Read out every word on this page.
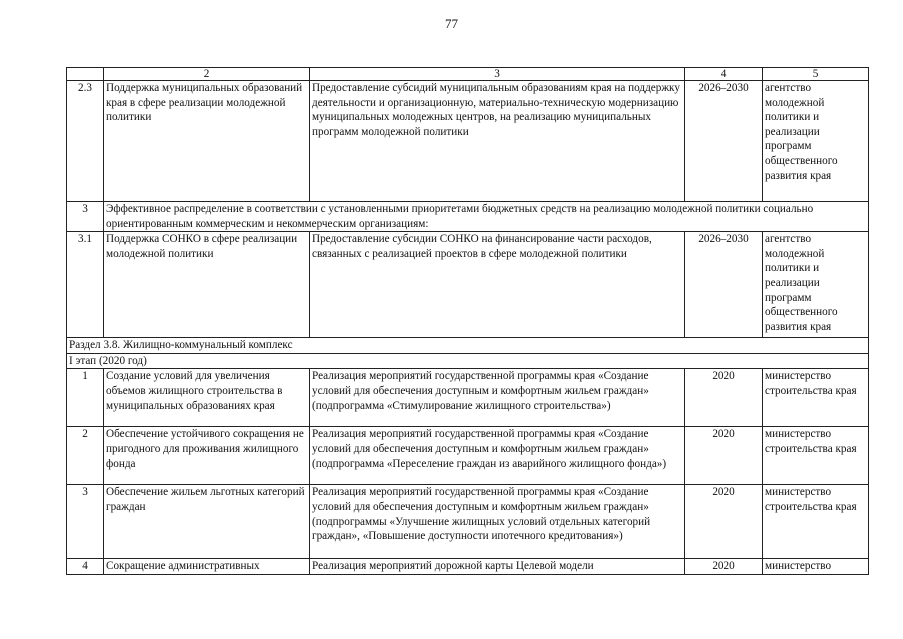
77
	2	3	4	5
2.3	Поддержка муниципальных образований края в сфере реализации молодежной политики	Предоставление субсидий муниципальным образованиям края на поддержку деятельности и организационную, материально-техническую модернизацию муниципальных молодежных центров, на реализацию муниципальных программ молодежной политики	2026–2030	агентство молодежной политики и реализации программ общественного развития края
3	Эффективное распределение в соответствии с установленными приоритетами бюджетных средств на реализацию молодежной политики социально ориентированным коммерческим и некоммерческим организациям:			
3.1	Поддержка СОНКО в сфере реализации молодежной политики	Предоставление субсидии СОНКО на финансирование части расходов, связанных с реализацией проектов в сфере молодежной политики	2026–2030	агентство молодежной политики и реализации программ общественного развития края
Раздел 3.8. Жилищно-коммунальный комплекс				
I этап (2020 год)				
1	Создание условий для увеличения объемов жилищного строительства в муниципальных образованиях края	Реализация мероприятий государственной программы края «Создание условий для обеспечения доступным и комфортным жильем граждан» (подпрограмма «Стимулирование жилищного строительства»)	2020	министерство строительства края
2	Обеспечение устойчивого сокращения не пригодного для проживания жилищного фонда	Реализация мероприятий государственной программы края «Создание условий для обеспечения доступным и комфортным жильем граждан» (подпрограмма «Переселение граждан из аварийного жилищного фонда»)	2020	министерство строительства края
3	Обеспечение жильем льготных категорий граждан	Реализация мероприятий государственной программы края «Создание условий для обеспечения доступным и комфортным жильем граждан» (подпрограммы «Улучшение жилищных условий отдельных категорий граждан», «Повышение доступности ипотечного кредитования»)	2020	министерство строительства края
4	Сокращение административных	Реализация мероприятий дорожной карты Целевой модели	2020	министерство
